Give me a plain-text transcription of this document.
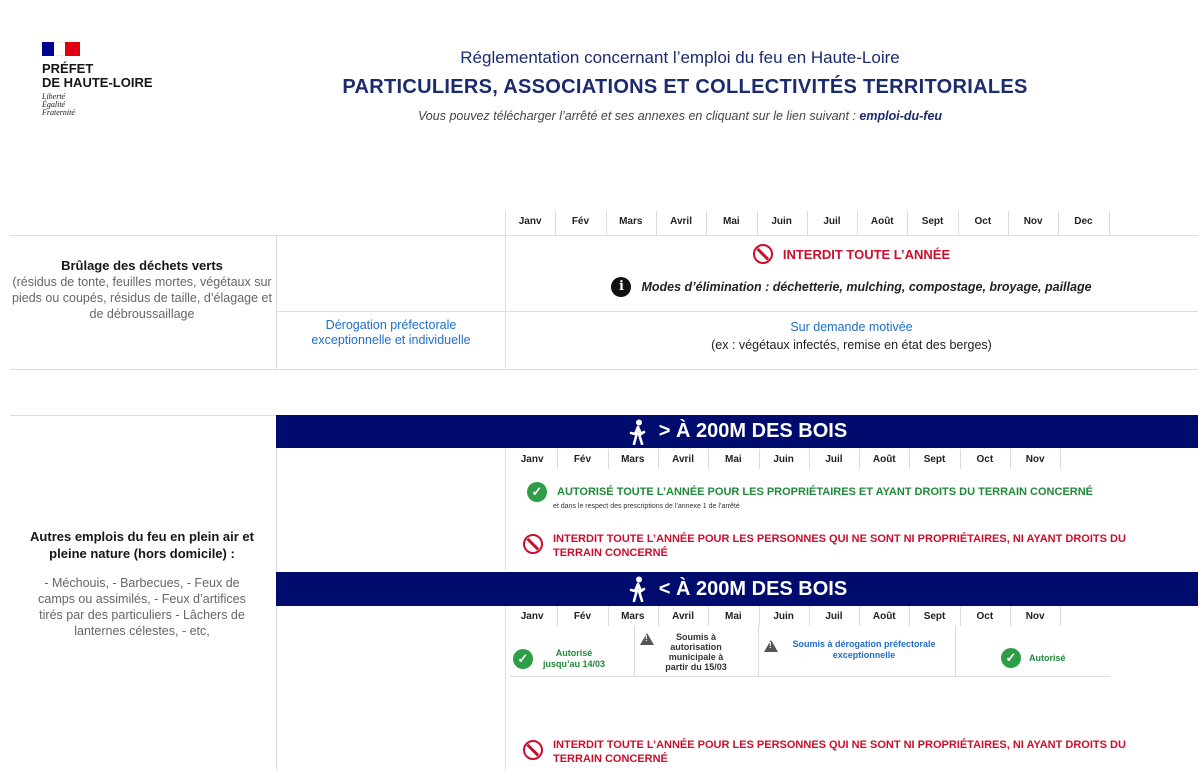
PRÉFET
DE HAUTE-LOIRE
Liberté
Égalité
Fraternité
Réglementation concernant l’emploi du feu en Haute-Loire
PARTICULIERS, ASSOCIATIONS ET COLLECTIVITÉS TERRITORIALES
Vous pouvez télécharger l’arrêté et ses annexes en cliquant sur le lien suivant : emploi-du-feu
Janv	Fév	Mars	Avril	Mai	Juin	Juil	Août	Sept	Oct	Nov	Dec
Brûlage des déchets verts
(résidus de tonte, feuilles mortes, végétaux sur pieds ou coupés, résidus de taille, d’élagage et de débroussaillage
INTERDIT TOUTE L’ANNÉE
i	Modes d’élimination : déchetterie, mulching, compostage, broyage, paillage
Dérogation préfectorale exceptionnelle et individuelle
Sur demande motivée
(ex : végétaux infectés, remise en état des berges)
Autres emplois du feu en plein air et pleine nature (hors domicile) :
- Méchouis, - Barbecues, - Feux de camps ou assimilés, - Feux d’artifices tirés par des particuliers - Lâchers de lanternes célestes, - etc,
> À 200M DES BOIS
Janv	Fév	Mars	Avril	Mai	Juin	Juil	Août	Sept	Oct	Nov
✓	AUTORISÉ TOUTE L’ANNÉE POUR LES PROPRIÉTAIRES ET AYANT DROITS DU TERRAIN CONCERNÉ
et dans le respect des prescriptions de l’annexe 1 de l’arrêté
INTERDIT TOUTE L’ANNÉE POUR LES PERSONNES QUI NE SONT NI PROPRIÉTAIRES, NI AYANT DROITS DU TERRAIN CONCERNÉ
< À 200M DES BOIS
Janv	Fév	Mars	Avril	Mai	Juin	Juil	Août	Sept	Oct	Nov
✓	Autorisé jusqu’au 14/03
!
Soumis à autorisation municipale à partir du 15/03
!
Soumis à dérogation préfectorale exceptionnelle	✓	Autorisé
INTERDIT TOUTE L’ANNÉE POUR LES PERSONNES QUI NE SONT NI PROPRIÉTAIRES, NI AYANT DROITS DU TERRAIN CONCERNÉ
